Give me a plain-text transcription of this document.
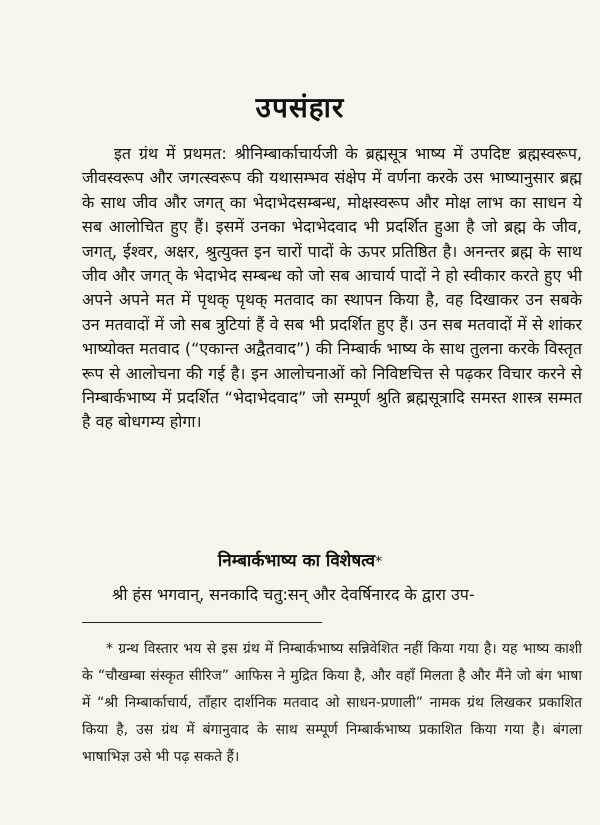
उपसंहार

इत ग्रंथ में प्रथमत: श्रीनिम्बार्काचार्यजी के ब्रह्मसूत्र भाष्य में उपदिष्ट ब्रह्मस्वरूप, जीवस्वरूप और जगत्स्वरूप की यथासम्भव संक्षेप में वर्णना करके उस भाष्यानुसार ब्रह्म के साथ जीव और जगत् का भेदाभेदसम्बन्ध, मोक्षस्वरूप और मोक्ष लाभ का साधन ये सब आलोचित हुए हैं। इसमें उनका भेदाभेदवाद भी प्रदर्शित हुआ है जो ब्रह्म के जीव, जगत्, ईश्वर, अक्षर, श्रुत्युक्त इन चारों पादों के ऊपर प्रतिष्ठित है। अनन्तर ब्रह्म के साथ जीव और जगत् के भेदाभेद सम्बन्ध को जो सब आचार्य पादों ने हो स्वीकार करते हुए भी अपने अपने मत में पृथक् पृथक् मतवाद का स्थापन किया है, वह दिखाकर उन सबके उन मतवादों में जो सब त्रुटियां हैं वे सब भी प्रदर्शित हुए हैं। उन सब मतवादों में से शांकर भाष्योक्त मतवाद (“एकान्त अद्वैतवाद”) की निम्बार्क भाष्य के साथ तुलना करके विस्तृत रूप से आलोचना की गई है। इन आलोचनाओं को निविष्टचित्त से पढ़कर विचार करने से निम्बार्कभाष्य में प्रदर्शित “भेदाभेदवाद” जो सम्पूर्ण श्रुति ब्रह्मसूत्रादि समस्त शास्त्र सम्मत है वह बोधगम्य होगा।

निम्बार्कभाष्य का विशेषत्व*
श्री हंस भगवान्, सनकादि चतु:सन् और देवर्षिनारद के द्वारा उप-

* ग्रन्थ विस्तार भय से इस ग्रंथ में निम्बार्कभाष्य सन्निवेशित नहीं किया गया है। यह भाष्य काशी के “चौखम्बा संस्कृत सीरिज” आफिस ने मुद्रित किया है, और वहाँ मिलता है और मैंने जो बंग भाषा में “श्री निम्बार्काचार्य, ताँहार दार्शनिक मतवाद ओ साधन-प्रणाली” नामक ग्रंथ लिखकर प्रकाशित किया है, उस ग्रंथ में बंगानुवाद के साथ सम्पूर्ण निम्बार्कभाष्य प्रकाशित किया गया है। बंगला भाषाभिज्ञ उसे भी पढ़ सकते हैं।
